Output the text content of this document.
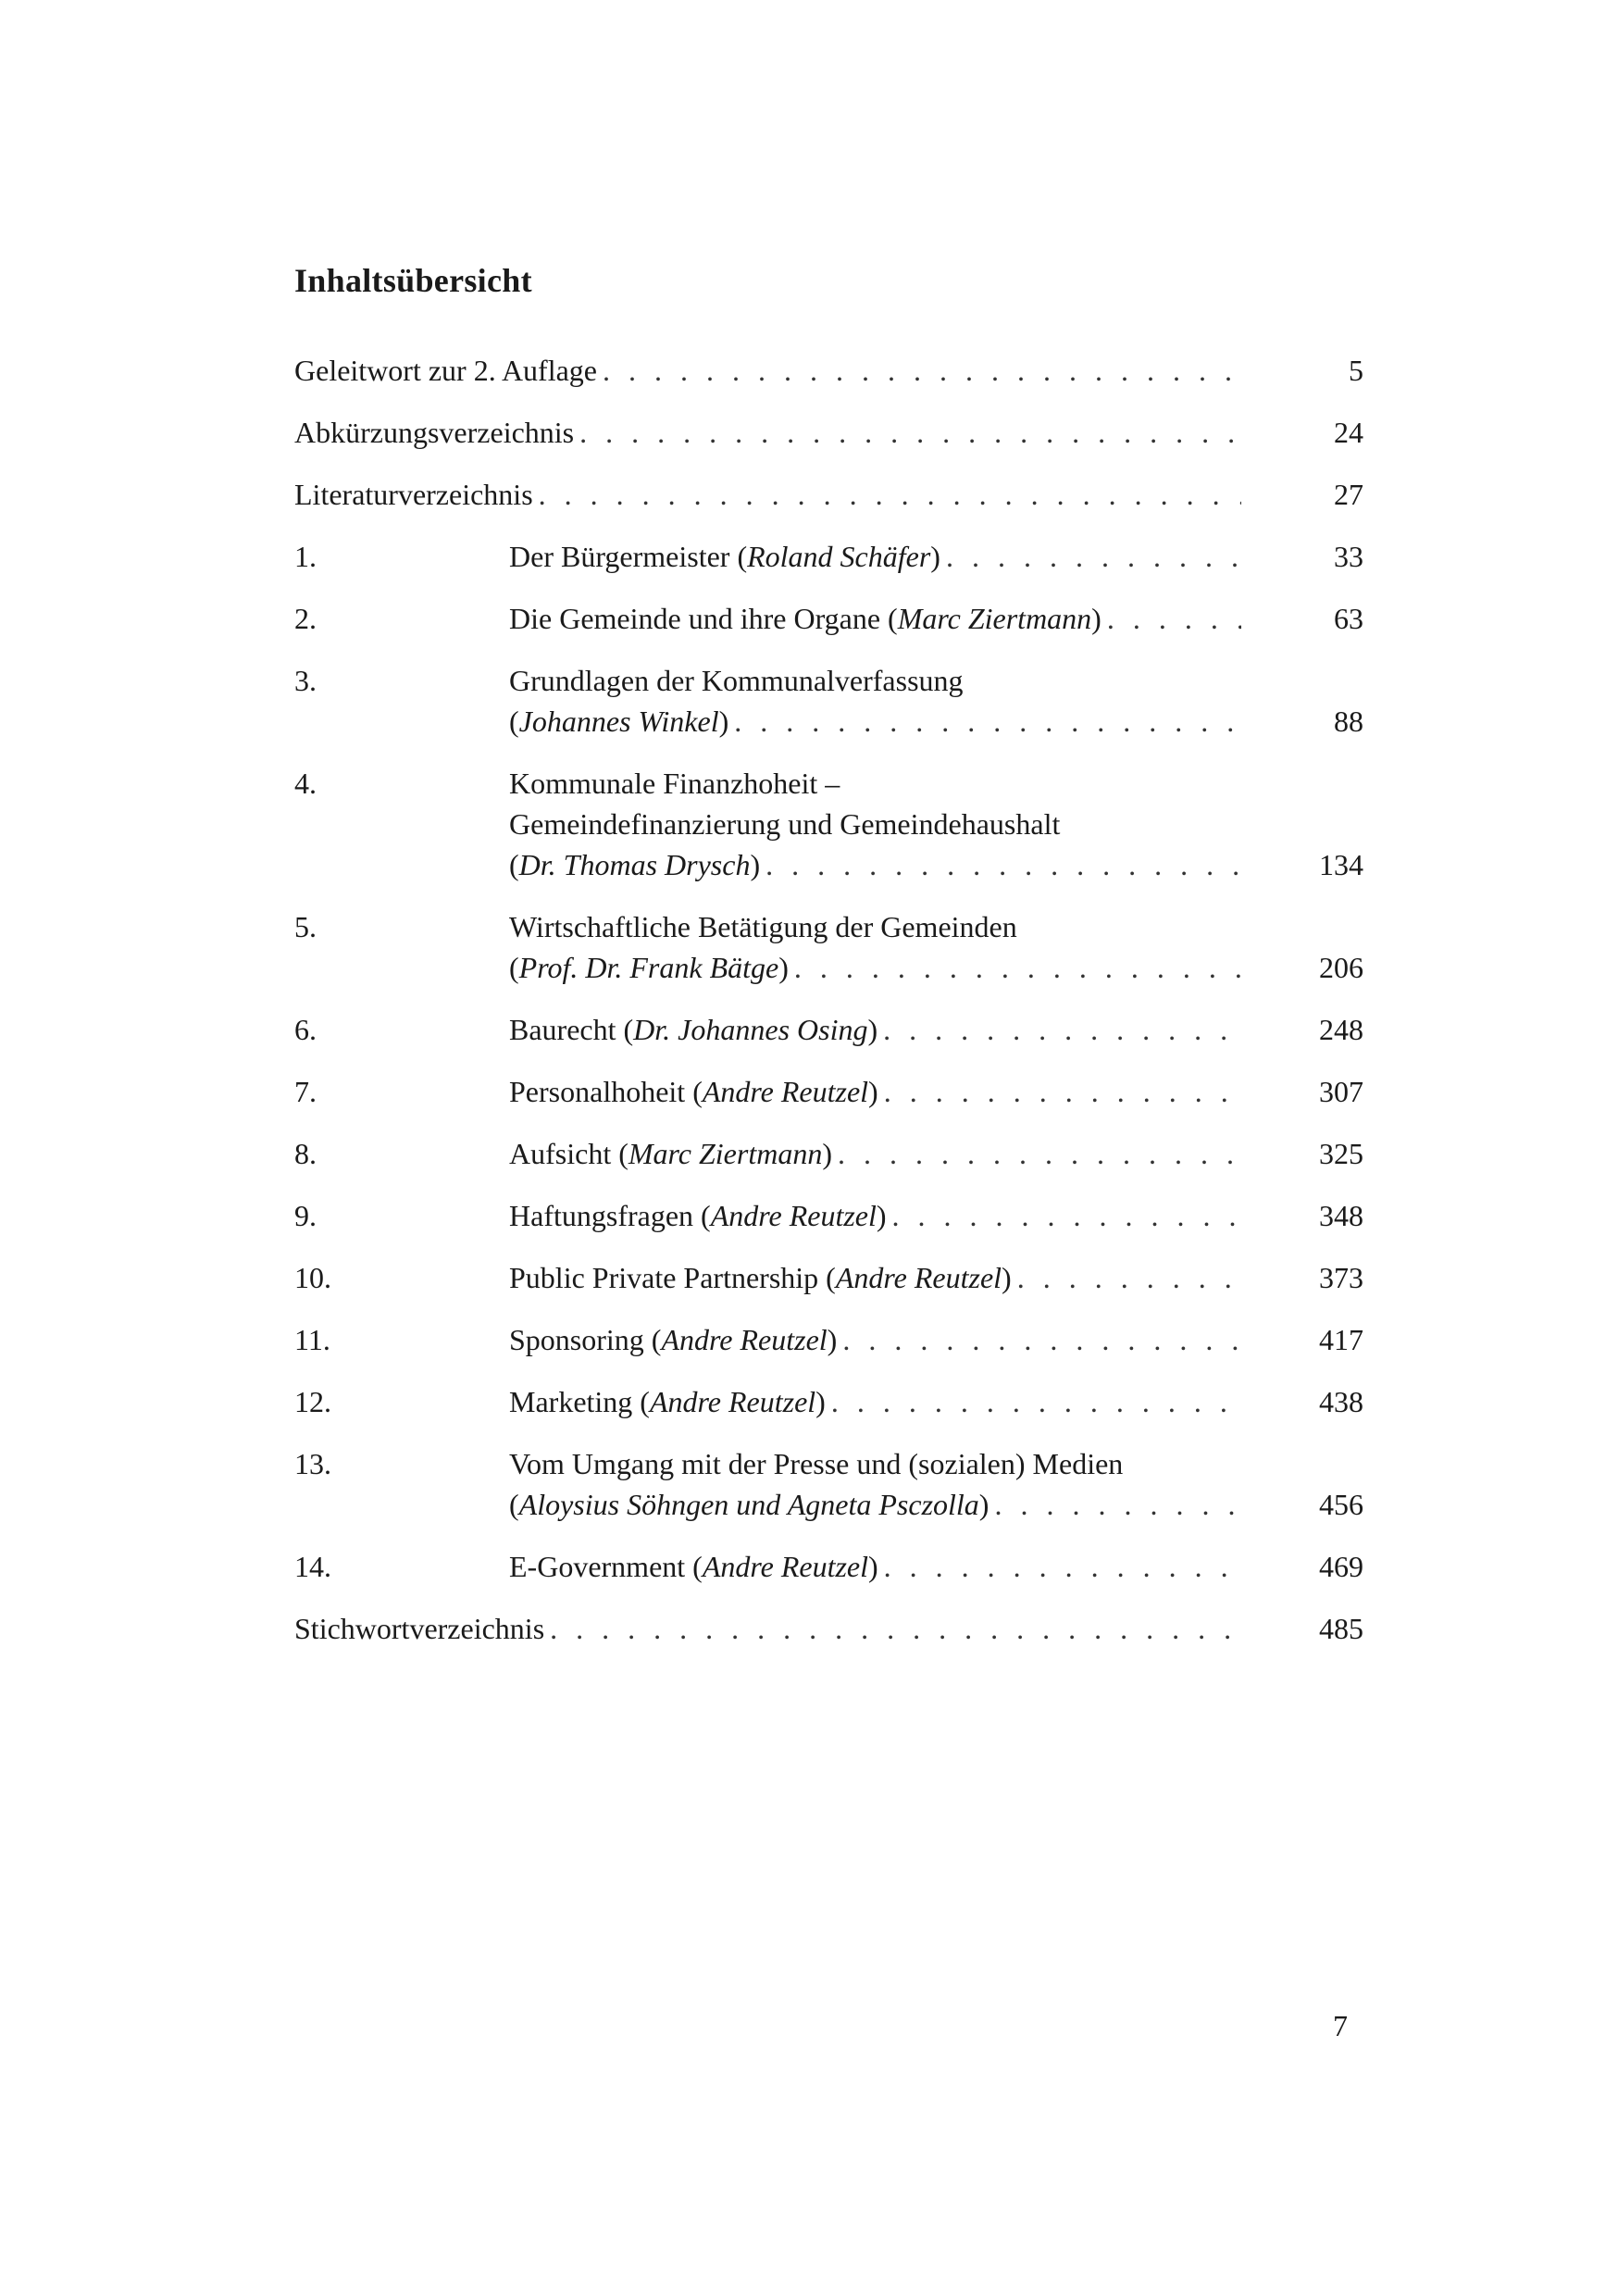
Inhaltsübersicht
Geleitwort zur 2. Auflage . . .	5
Abkürzungsverzeichnis . . .	24
Literaturverzeichnis . . .	27
1.	Der Bürgermeister (Roland Schäfer) . . .	33
2.	Die Gemeinde und ihre Organe (Marc Ziertmann) . . .	63
3.	Grundlagen der Kommunalverfassung
(Johannes Winkel) . . .	88
4.	Kommunale Finanzhoheit –
Gemeindefinanzierung und Gemeindehaushalt
(Dr. Thomas Drysch) . . .	134
5.	Wirtschaftliche Betätigung der Gemeinden
(Prof. Dr. Frank Bätge) . . .	206
6.	Baurecht (Dr. Johannes Osing) . . .	248
7.	Personalhoheit (Andre Reutzel) . . .	307
8.	Aufsicht (Marc Ziertmann) . . .	325
9.	Haftungsfragen (Andre Reutzel) . . .	348
10.	Public Private Partnership (Andre Reutzel) . . .	373
11.	Sponsoring (Andre Reutzel) . . .	417
12.	Marketing (Andre Reutzel) . . .	438
13.	Vom Umgang mit der Presse und (sozialen) Medien
(Aloysius Söhngen und Agneta Psczolla) . . .	456
14.	E-Government (Andre Reutzel) . . .	469
Stichwortverzeichnis . . .	485
7
